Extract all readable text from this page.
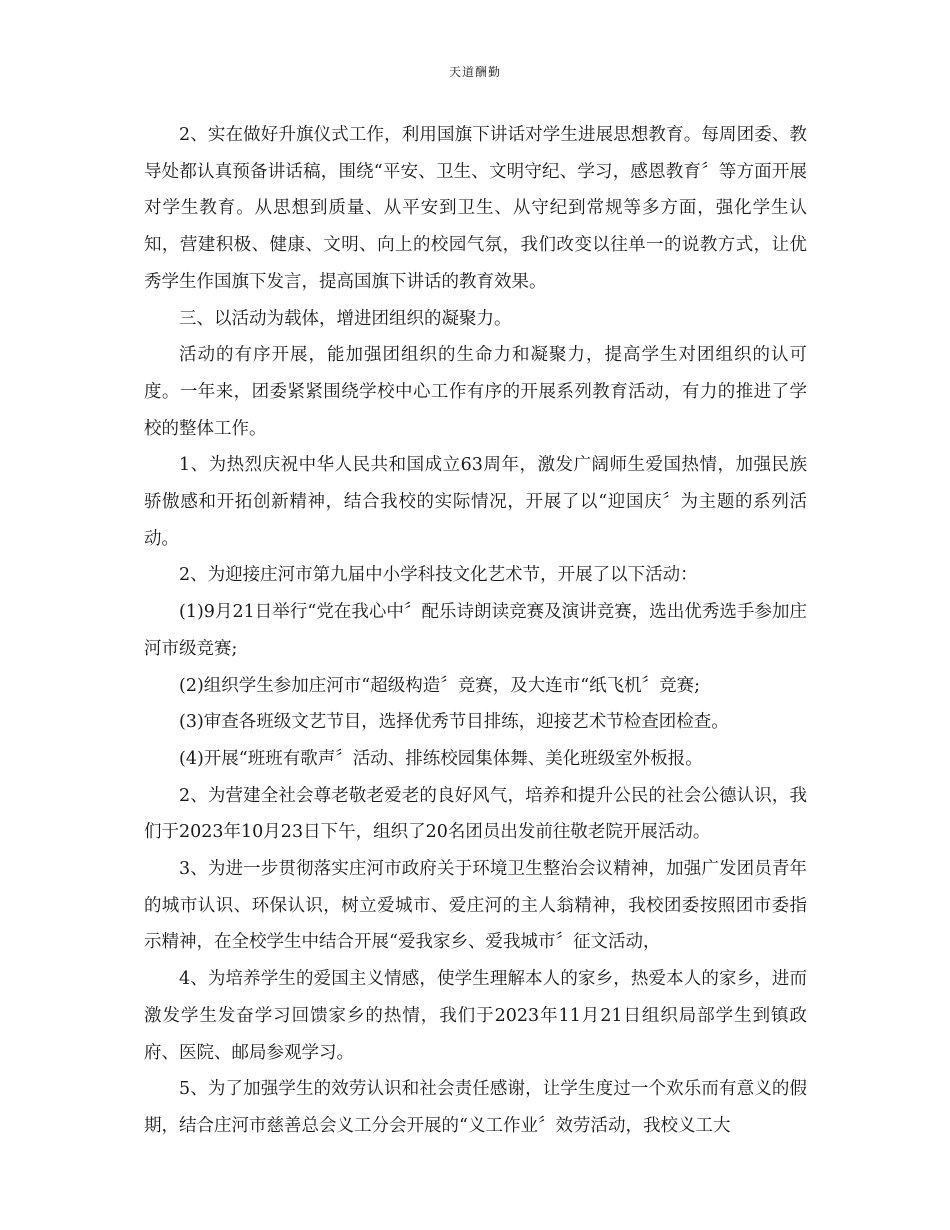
天道酬勤

2、实在做好升旗仪式工作，利用国旗下讲话对学生进展思想教育。每周团委、教导处都认真预备讲话稿，围绕“平安、卫生、文明守纪、学习，感恩教育〞等方面开展对学生教育。从思想到质量、从平安到卫生、从守纪到常规等多方面，强化学生认知，营建积极、健康、文明、向上的校园气氛，我们改变以往单一的说教方式，让优秀学生作国旗下发言，提高国旗下讲话的教育效果。

三、以活动为载体，增进团组织的凝聚力。

活动的有序开展，能加强团组织的生命力和凝聚力，提高学生对团组织的认可度。一年来，团委紧紧围绕学校中心工作有序的开展系列教育活动，有力的推进了学校的整体工作。

1、为热烈庆祝中华人民共和国成立63周年，激发广阔师生爱国热情，加强民族骄傲感和开拓创新精神，结合我校的实际情况，开展了以“迎国庆〞为主题的系列活动。

2、为迎接庄河市第九届中小学科技文化艺术节，开展了以下活动：

(1)9月21日举行“党在我心中〞配乐诗朗读竞赛及演讲竞赛，选出优秀选手参加庄河市级竞赛;

(2)组织学生参加庄河市“超级构造〞竞赛，及大连市“纸飞机〞竞赛;

(3)审查各班级文艺节目，选择优秀节目排练，迎接艺术节检查团检查。

(4)开展“班班有歌声〞活动、排练校园集体舞、美化班级室外板报。

2、为营建全社会尊老敬老爱老的良好风气，培养和提升公民的社会公德认识，我们于2023年10月23日下午，组织了20名团员出发前往敬老院开展活动。

3、为进一步贯彻落实庄河市政府关于环境卫生整治会议精神，加强广发团员青年的城市认识、环保认识，树立爱城市、爱庄河的主人翁精神，我校团委按照团市委指示精神，在全校学生中结合开展“爱我家乡、爱我城市〞征文活动，

4、为培养学生的爱国主义情感，使学生理解本人的家乡，热爱本人的家乡，进而激发学生发奋学习回馈家乡的热情，我们于2023年11月21日组织局部学生到镇政府、医院、邮局参观学习。

5、为了加强学生的效劳认识和社会责任感谢，让学生度过一个欢乐而有意义的假期，结合庄河市慈善总会义工分会开展的“义工作业〞效劳活动，我校义工大
